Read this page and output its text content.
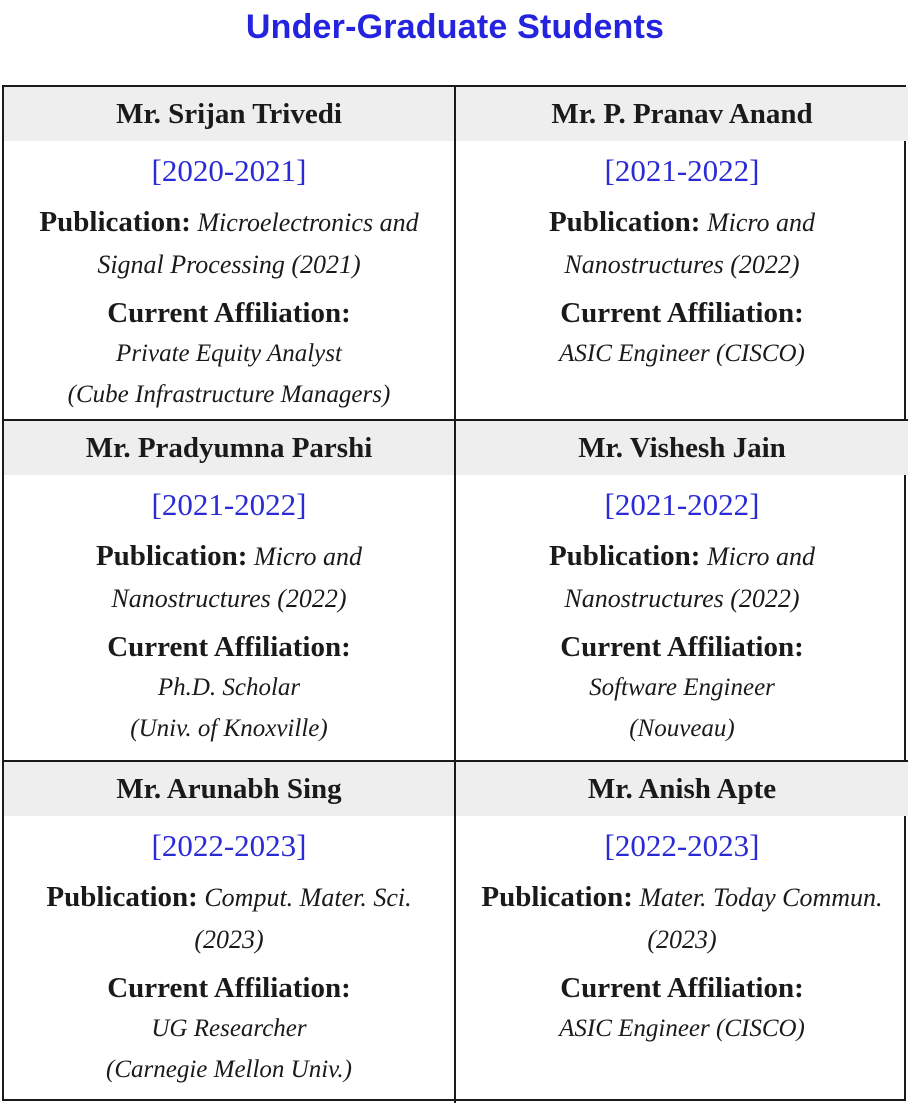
Under-Graduate Students
Mr. Srijan Trivedi
[2020-2021]
Publication: Microelectronics and
Signal Processing (2021)
Current Affiliation:
Private Equity Analyst
(Cube Infrastructure Managers)
Mr. P. Pranav Anand
[2021-2022]
Publication: Micro and
Nanostructures (2022)
Current Affiliation:
ASIC Engineer (CISCO)
Mr. Pradyumna Parshi
[2021-2022]
Publication: Micro and
Nanostructures (2022)
Current Affiliation:
Ph.D. Scholar
(Univ. of Knoxville)
Mr. Vishesh Jain
[2021-2022]
Publication: Micro and
Nanostructures (2022)
Current Affiliation:
Software Engineer
(Nouveau)
Mr. Arunabh Sing
[2022-2023]
Publication: Comput. Mater. Sci.
(2023)
Current Affiliation:
UG Researcher
(Carnegie Mellon Univ.)
Mr. Anish Apte
[2022-2023]
Publication: Mater. Today Commun.
(2023)
Current Affiliation:
ASIC Engineer (CISCO)
